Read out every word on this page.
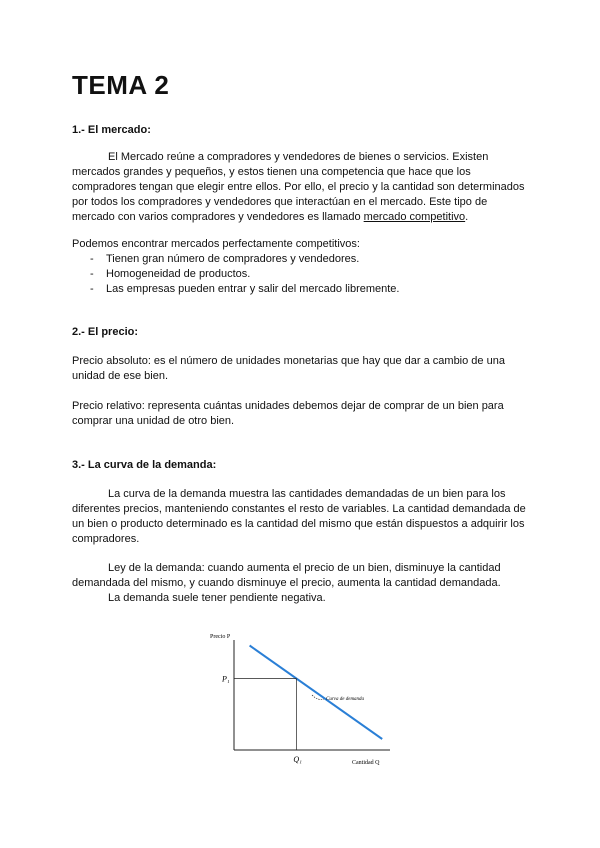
TEMA 2

1.- El mercado:

El Mercado reúne a compradores y vendedores de bienes o servicios. Existen mercados grandes y pequeños, y estos tienen una competencia que hace que los compradores tengan que elegir entre ellos. Por ello, el precio y la cantidad son determinados por todos los compradores y vendedores que interactúan en el mercado. Este tipo de mercado con varios compradores y vendedores es llamado mercado competitivo.

Podemos encontrar mercados perfectamente competitivos:

- Tienen gran número de compradores y vendedores.
- Homogeneidad de productos.
- Las empresas pueden entrar y salir del mercado libremente.

2.- El precio:

Precio absoluto: es el número de unidades monetarias que hay que dar a cambio de una unidad de ese bien.

Precio relativo: representa cuántas unidades debemos dejar de comprar de un bien para comprar una unidad de otro bien.

3.- La curva de la demanda:

La curva de la demanda muestra las cantidades demandadas de un bien para los diferentes precios, manteniendo constantes el resto de variables. La cantidad demandada de un bien o producto determinado es la cantidad del mismo que están dispuestos a adquirir los compradores.

Ley de la demanda: cuando aumenta el precio de un bien, disminuye la cantidad demandada del mismo, y cuando disminuye el precio, aumenta la cantidad demandada.

La demanda suele tener pendiente negativa.

Precio P
Cantidad Q
P₁
Q₁
Curva de demanda
